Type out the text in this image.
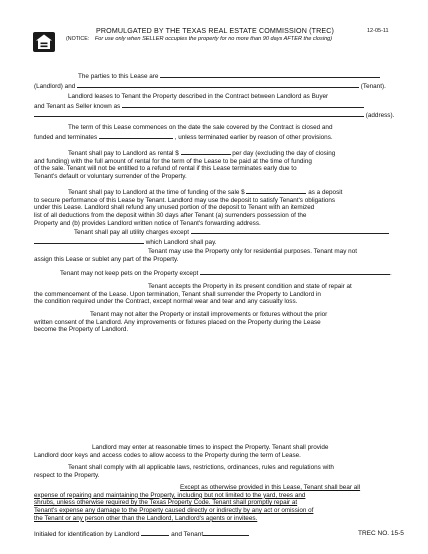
PROMULGATED BY THE TEXAS REAL ESTATE COMMISSION (TREC)
(NOTICE: For use only when SELLER occupies the property for no more than 90 days AFTER the closing)
12-05-11
The parties to this Lease are
(Landlord) and	(Tenant).
Landlord leases to Tenant the Property described in the Contract between Landlord as Buyer
and Tenant as Seller known as
(address).
The term of this Lease commences on the date the sale covered by the Contract is closed and
funded and terminates	, unless terminated earlier by reason of other provisions.
Tenant shall pay to Landlord as rental $	per day (excluding the day of closing
and funding) with the full amount of rental for the term of the Lease to be paid at the time of funding
of the sale. Tenant will not be entitled to a refund of rental if this Lease terminates early due to
Tenant's default or voluntary surrender of the Property.
Tenant shall pay to Landlord at the time of funding of the sale $	as a deposit
to secure performance of this Lease by Tenant. Landlord may use the deposit to satisfy Tenant's obligations
under this Lease. Landlord shall refund any unused portion of the deposit to Tenant with an itemized
list of all deductions from the deposit within 30 days after Tenant (a) surrenders possession of the
Property and (b) provides Landlord written notice of Tenant's forwarding address.
Tenant shall pay all utility charges except
which Landlord shall pay.
Tenant may use the Property only for residential purposes. Tenant may not
assign this Lease or sublet any part of the Property.
Tenant may not keep pets on the Property except	.
Tenant accepts the Property in its present condition and state of repair at
the commencement of the Lease. Upon termination, Tenant shall surrender the Property to Landlord in
the condition required under the Contract, except normal wear and tear and any casualty loss.
Tenant may not alter the Property or install improvements or fixtures without the prior
written consent of the Landlord. Any improvements or fixtures placed on the Property during the Lease
become the Property of Landlord.
Landlord may enter at reasonable times to inspect the Property. Tenant shall provide
Landlord door keys and access codes to allow access to the Property during the term of Lease.
Tenant shall comply with all applicable laws, restrictions, ordinances, rules and regulations with
respect to the Property.
Except as otherwise provided in this Lease, Tenant shall bear all
expense of repairing and maintaining the Property, including but not limited to the yard, trees and
shrubs, unless otherwise required by the Texas Property Code. Tenant shall promptly repair at
Tenant's expense any damage to the Property caused directly or indirectly by any act or omission of
the Tenant or any person other than the Landlord, Landlord's agents or invitees.
Initialed for identification by Landlord	and Tenant	TREC NO. 15-5
